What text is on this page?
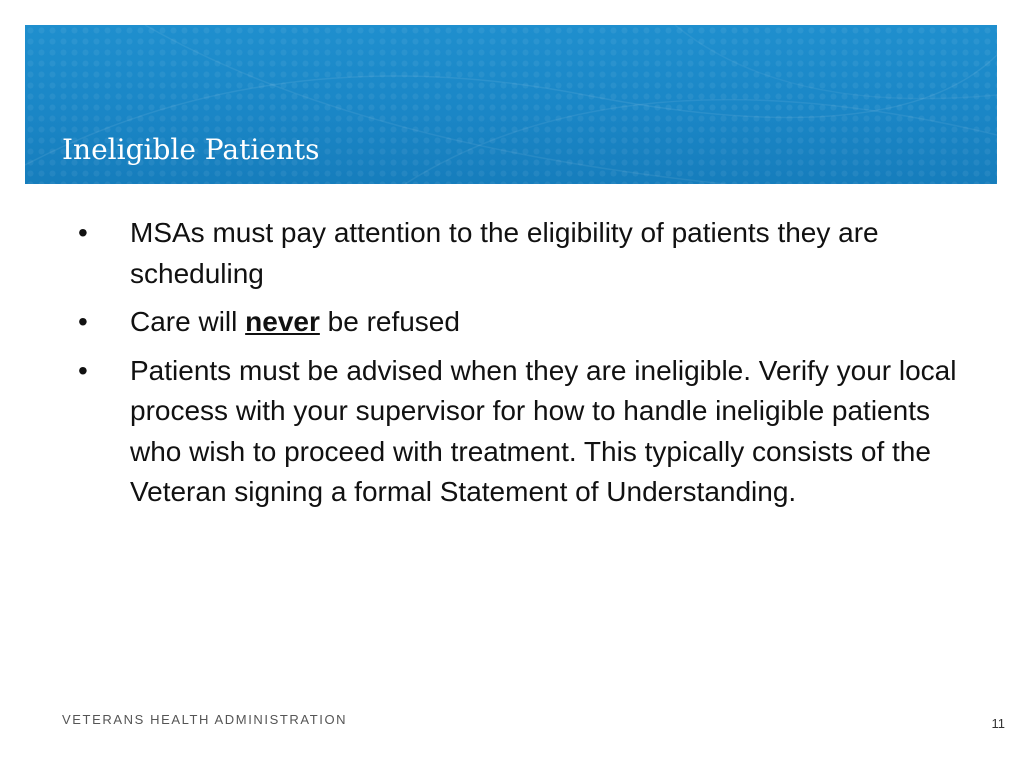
Ineligible Patients
•	MSAs must pay attention to the eligibility of patients they are scheduling
•	Care will never be refused
•	Patients must be advised when they are ineligible. Verify your local process with your supervisor for how to handle ineligible patients who wish to proceed with treatment. This typically consists of the Veteran signing a formal Statement of Understanding.
VETERANS HEALTH ADMINISTRATION	11
